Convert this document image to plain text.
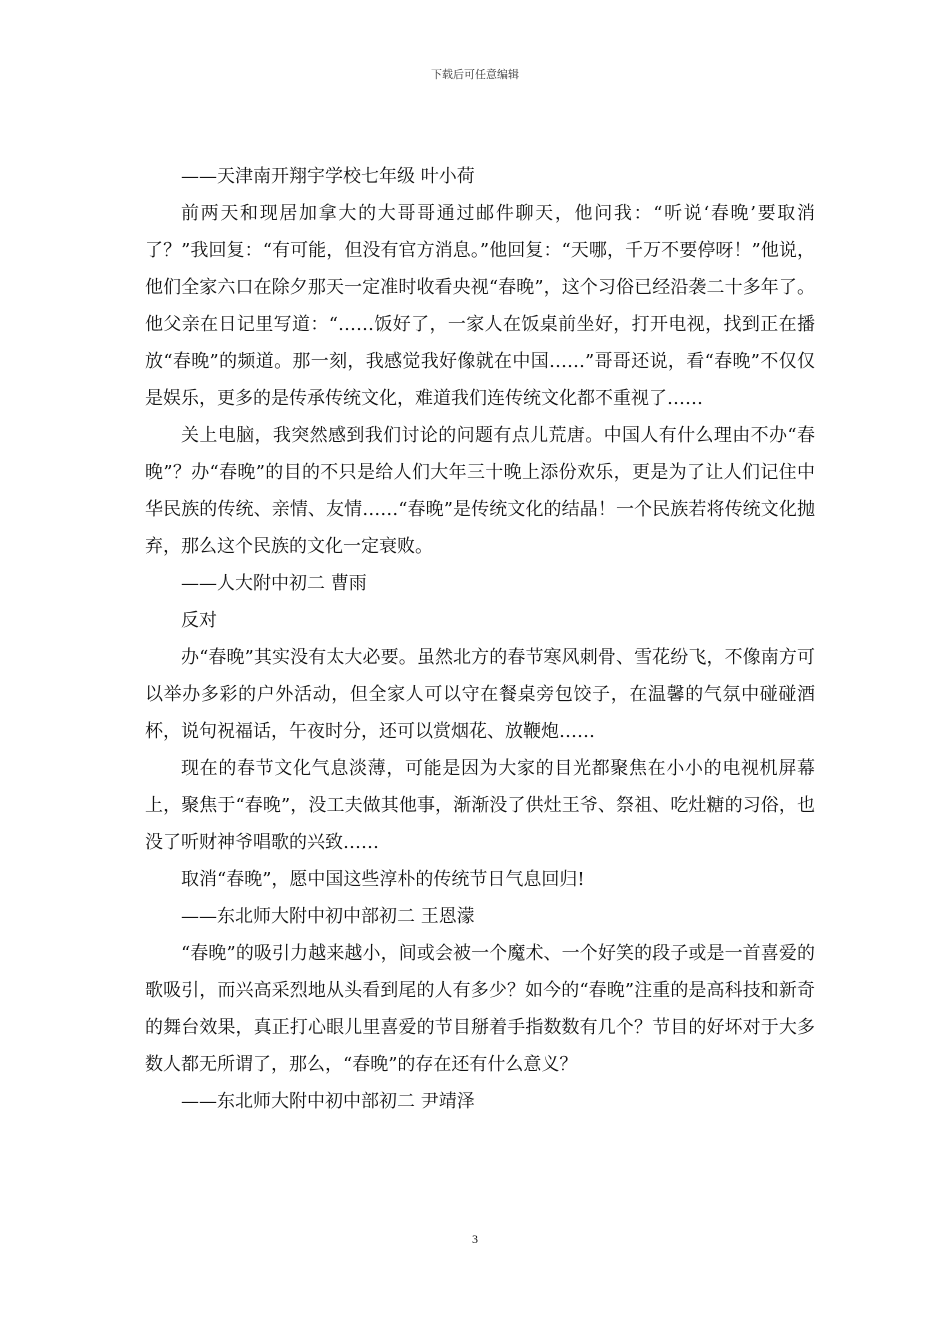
下载后可任意编辑

——天津南开翔宇学校七年级 叶小荷

前两天和现居加拿大的大哥哥通过邮件聊天，他问我：“听说‘春晚’要取消了？”我回复：“有可能，但没有官方消息。”他回复：“天哪，千万不要停呀！”他说，他们全家六口在除夕那天一定准时收看央视“春晚”，这个习俗已经沿袭二十多年了。他父亲在日记里写道：“……饭好了，一家人在饭桌前坐好，打开电视，找到正在播放“春晚”的频道。那一刻，我感觉我好像就在中国……”哥哥还说，看“春晚”不仅仅是娱乐，更多的是传承传统文化，难道我们连传统文化都不重视了……

关上电脑，我突然感到我们讨论的问题有点儿荒唐。中国人有什么理由不办“春晚”？办“春晚”的目的不只是给人们大年三十晚上添份欢乐，更是为了让人们记住中华民族的传统、亲情、友情……“春晚”是传统文化的结晶！一个民族若将传统文化抛弃，那么这个民族的文化一定衰败。

——人大附中初二 曹雨

反对

办“春晚”其实没有太大必要。虽然北方的春节寒风刺骨、雪花纷飞，不像南方可以举办多彩的户外活动，但全家人可以守在餐桌旁包饺子，在温馨的气氛中碰碰酒杯，说句祝福话，午夜时分，还可以赏烟花、放鞭炮……

现在的春节文化气息淡薄，可能是因为大家的目光都聚焦在小小的电视机屏幕上，聚焦于“春晚”，没工夫做其他事，渐渐没了供灶王爷、祭祖、吃灶糖的习俗，也没了听财神爷唱歌的兴致……

取消“春晚”，愿中国这些淳朴的传统节日气息回归!

——东北师大附中初中部初二 王恩濛

“春晚”的吸引力越来越小，间或会被一个魔术、一个好笑的段子或是一首喜爱的歌吸引，而兴高采烈地从头看到尾的人有多少？如今的“春晚”注重的是高科技和新奇的舞台效果，真正打心眼儿里喜爱的节目掰着手指数数有几个？节目的好坏对于大多数人都无所谓了，那么，“春晚”的存在还有什么意义？

——东北师大附中初中部初二 尹靖泽

3
